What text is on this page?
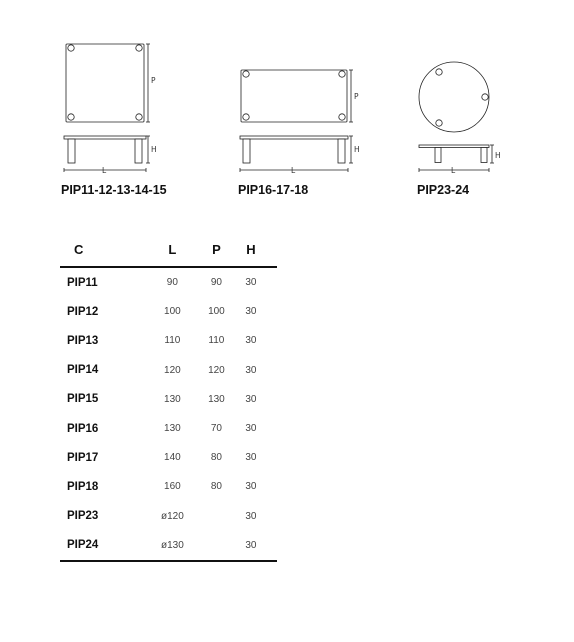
P
H
L
P
H
L
H
L
PIP11-12-13-14-15	PIP16-17-18	PIP23-24
C	L	P	H
PIP11	90	90	30
PIP12	100	100	30
PIP13	110	110	30
PIP14	120	120	30
PIP15	130	130	30
PIP16	130	70	30
PIP17	140	80	30
PIP18	160	80	30
PIP23	ø120		30
PIP24	ø130		30
